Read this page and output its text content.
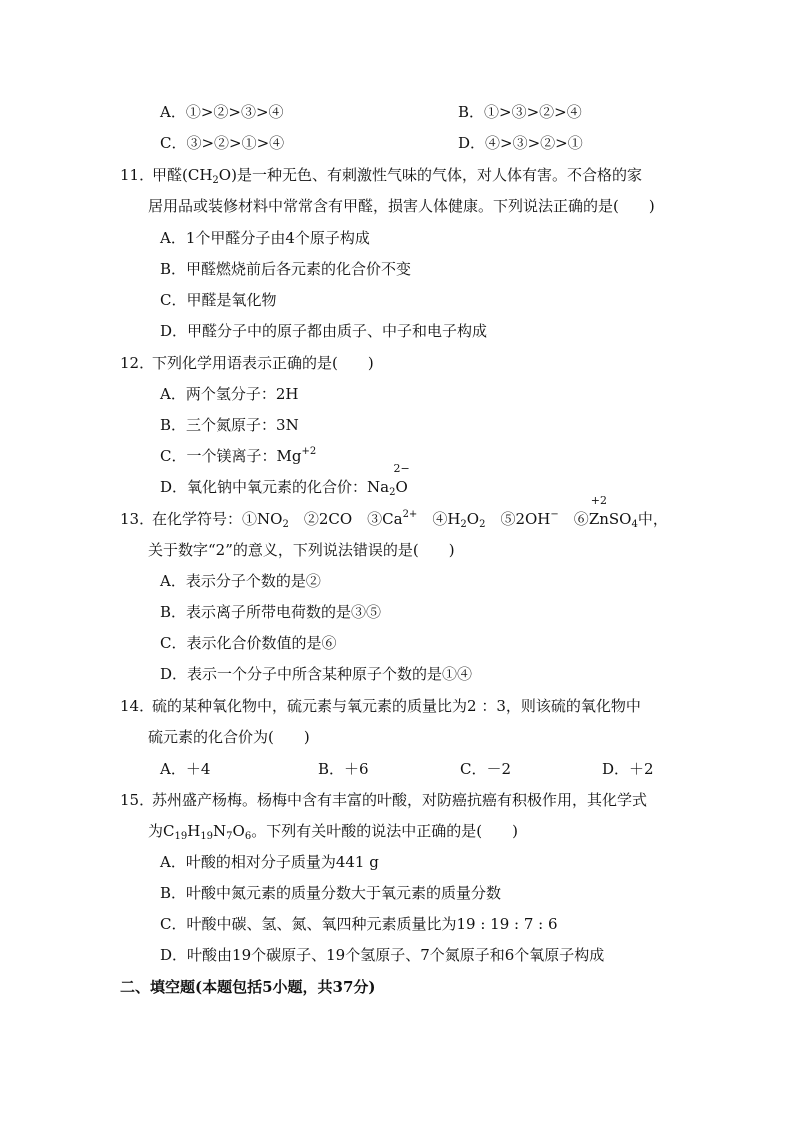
A．①>②>③>④	B．①>③>②>④
C．③>②>①>④	D．④>③>②>①
11．甲醛$(CH_2O)$是一种无色、有刺激性气味的气体，对人体有害。不合格的家
居用品或装修材料中常常含有甲醛，损害人体健康。下列说法正确的是(　　)
A．1个甲醛分子由4个原子构成
B．甲醛燃烧前后各元素的化合价不变
C．甲醛是氧化物
D．甲醛分子中的原子都由质子、中子和电子构成
12．下列化学用语表示正确的是(　　)
A．两个氢分子：2H
B．三个氮原子：3N
C．一个镁离子：$Mg^{+2}$
D．氧化钠中氧元素的化合价：$Na_2$
2−
O
13．在化学符号：$①NO_2$　②2CO　$③Ca^{2+}$　$④H_2O_2$　⑤2OH−　⑥
+2
ZnSO$_4$中，
关于数字“2”的意义，下列说法错误的是(　　)
A．表示分子个数的是②
B．表示离子所带电荷数的是③⑤
C．表示化合价数值的是⑥
D．表示一个分子中所含某种原子个数的是①④
14．硫的某种氧化物中，硫元素与氧元素的质量比为2 ：3，则该硫的氧化物中
硫元素的化合价为(　　)
A．＋4	B．＋6	C．－2	D．＋2
15．苏州盛产杨梅。杨梅中含有丰富的叶酸，对防癌抗癌有积极作用，其化学式
为$C_{19}H_{19}N_7O_6$。下列有关叶酸的说法中正确的是(　　)
A．叶酸的相对分子质量为441 g
B．叶酸中氮元素的质量分数大于氧元素的质量分数
C．叶酸中碳、氢、氮、氧四种元素质量比为19 : 19 : 7 : 6
D．叶酸由19个碳原子、19个氢原子、7个氮原子和6个氧原子构成
二、填空题(本题包括5小题，共37分)
